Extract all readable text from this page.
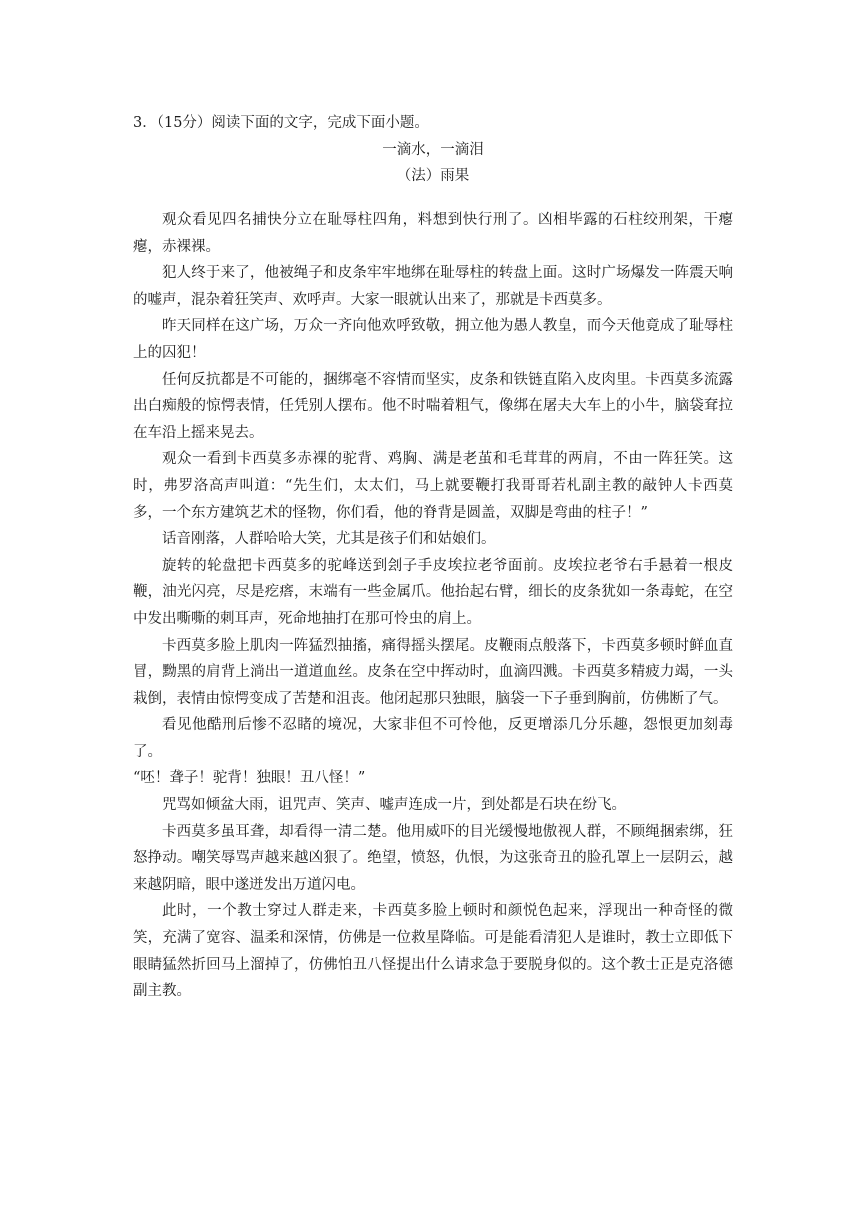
3．（15分）阅读下面的文字，完成下面小题。
一滴水，一滴泪
（法）雨果

观众看见四名捕快分立在耻辱柱四角，料想到快行刑了。凶相毕露的石柱绞刑架，干瘪瘪，赤裸裸。

犯人终于来了，他被绳子和皮条牢牢地绑在耻辱柱的转盘上面。这时广场爆发一阵震天响的嘘声，混杂着狂笑声、欢呼声。大家一眼就认出来了，那就是卡西莫多。

昨天同样在这广场，万众一齐向他欢呼致敬，拥立他为愚人教皇，而今天他竟成了耻辱柱上的囚犯！

任何反抗都是不可能的，捆绑毫不容情而坚实，皮条和铁链直陷入皮肉里。卡西莫多流露出白痴般的惊愕表情，任凭别人摆布。他不时喘着粗气，像绑在屠夫大车上的小牛，脑袋耷拉在车沿上摇来晃去。

观众一看到卡西莫多赤裸的驼背、鸡胸、满是老茧和毛茸茸的两肩，不由一阵狂笑。这时，弗罗洛高声叫道：“先生们，太太们，马上就要鞭打我哥哥若札副主教的敲钟人卡西莫多，一个东方建筑艺术的怪物，你们看，他的脊背是圆盖，双脚是弯曲的柱子！”

话音刚落，人群哈哈大笑，尤其是孩子们和姑娘们。

旋转的轮盘把卡西莫多的驼峰送到刽子手皮埃拉老爷面前。皮埃拉老爷右手悬着一根皮鞭，油光闪亮，尽是疙瘩，末端有一些金属爪。他抬起右臂，细长的皮条犹如一条毒蛇，在空中发出嘶嘶的刺耳声，死命地抽打在那可怜虫的肩上。

卡西莫多脸上肌肉一阵猛烈抽搐，痛得摇头摆尾。皮鞭雨点般落下，卡西莫多顿时鲜血直冒，黝黑的肩背上淌出一道道血丝。皮条在空中挥动时，血滴四溅。卡西莫多精疲力竭，一头栽倒，表情由惊愕变成了苦楚和沮丧。他闭起那只独眼，脑袋一下子垂到胸前，仿佛断了气。

看见他酷刑后惨不忍睹的境况，大家非但不可怜他，反更增添几分乐趣，怨恨更加刻毒了。

“呸！聋子！驼背！独眼！丑八怪！”

咒骂如倾盆大雨，诅咒声、笑声、嘘声连成一片，到处都是石块在纷飞。

卡西莫多虽耳聋，却看得一清二楚。他用威吓的目光缓慢地傲视人群，不顾绳捆索绑，狂怒挣动。嘲笑辱骂声越来越凶狠了。绝望，愤怒，仇恨，为这张奇丑的脸孔罩上一层阴云，越来越阴暗，眼中遂迸发出万道闪电。

此时，一个教士穿过人群走来，卡西莫多脸上顿时和颜悦色起来，浮现出一种奇怪的微笑，充满了宽容、温柔和深情，仿佛是一位救星降临。可是能看清犯人是谁时，教士立即低下眼睛猛然折回马上溜掉了，仿佛怕丑八怪提出什么请求急于要脱身似的。这个教士正是克洛德副主教。
